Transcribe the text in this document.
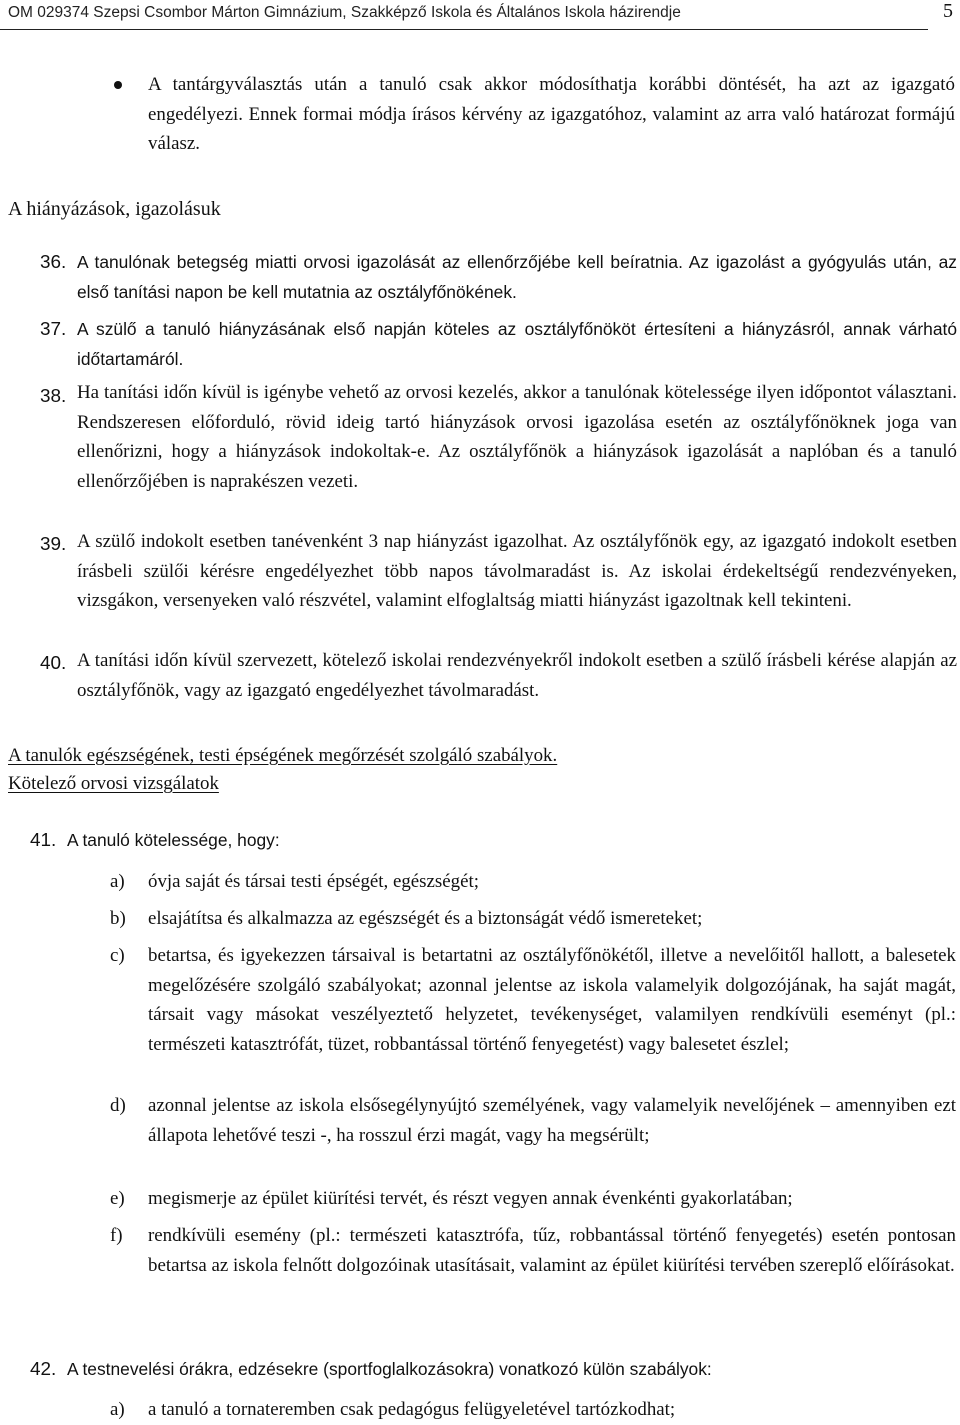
OM 029374 Szepsi Csombor Márton Gimnázium, Szakképző Iskola és Általános Iskola házirendje	5
A tantárgyválasztás után a tanuló csak akkor módosíthatja korábbi döntését, ha azt az igazgató engedélyezi. Ennek formai módja írásos kérvény az igazgatóhoz, valamint az arra való határozat formájú válasz.
A hiányázások, igazolásuk
36. A tanulónak betegség miatti orvosi igazolását az ellenőrzőjébe kell beíratnia. Az igazolást a gyógyulás után, az első tanítási napon be kell mutatnia az osztályfőnökének.
37. A szülő a tanuló hiányzásának első napján köteles az osztályfőnököt értesíteni a hiányzásról, annak várható időtartamáról.
38. Ha tanítási időn kívül is igénybe vehető az orvosi kezelés, akkor a tanulónak kötelessége ilyen időpontot választani. Rendszeresen előforduló, rövid ideig tartó hiányzások orvosi igazolása esetén az osztályfőnöknek joga van ellenőrizni, hogy a hiányzások indokoltak-e. Az osztályfőnök a hiányzások igazolását a naplóban és a tanuló ellenőrzőjében is naprakészen vezeti.
39. A szülő indokolt esetben tanévenként 3 nap hiányzást igazolhat. Az osztályfőnök egy, az igazgató indokolt esetben írásbeli szülői kérésre engedélyezhet több napos távolmaradást is. Az iskolai érdekeltségű rendezvényeken, vizsgákon, versenyeken való részvétel, valamint elfoglaltság miatti hiányzást igazoltnak kell tekinteni.
40. A tanítási időn kívül szervezett, kötelező iskolai rendezvényekről indokolt esetben a szülő írásbeli kérése alapján az osztályfőnök, vagy az igazgató engedélyezhet távolmaradást.
A tanulók egészségének, testi épségének megőrzését szolgáló szabályok.
Kötelező orvosi vizsgálatok
41. A tanuló kötelessége, hogy:
a) óvja saját és társai testi épségét, egészségét;
b) elsajátítsa és alkalmazza az egészségét és a biztonságát védő ismereteket;
c) betartsa, és igyekezzen társaival is betartatni az osztályfőnökétől, illetve a nevelőitől hallott, a balesetek megelőzésére szolgáló szabályokat; azonnal jelentse az iskola valamelyik dolgozójának, ha saját magát, társait vagy másokat veszélyeztető helyzetet, tevékenységet, valamilyen rendkívüli eseményt (pl.: természeti katasztrófát, tüzet, robbantással történő fenyegetést) vagy balesetet észlel;
d) azonnal jelentse az iskola elsősegélynyújtó személyének, vagy valamelyik nevelőjének – amennyiben ezt állapota lehetővé teszi -, ha rosszul érzi magát, vagy ha megsérült;
e) megismerje az épület kiürítési tervét, és részt vegyen annak évenkénti gyakorlatában;
f) rendkívüli esemény (pl.: természeti katasztrófa, tűz, robbantással történő fenyegetés) esetén pontosan betartsa az iskola felnőtt dolgozóinak utasításait, valamint az épület kiürítési tervében szereplő előírásokat.
42. A testnevelési órákra, edzésekre (sportfoglalkozásokra) vonatkozó külön szabályok:
a) a tanuló a tornateremben csak pedagógus felügyeletével tartózkodhat;
